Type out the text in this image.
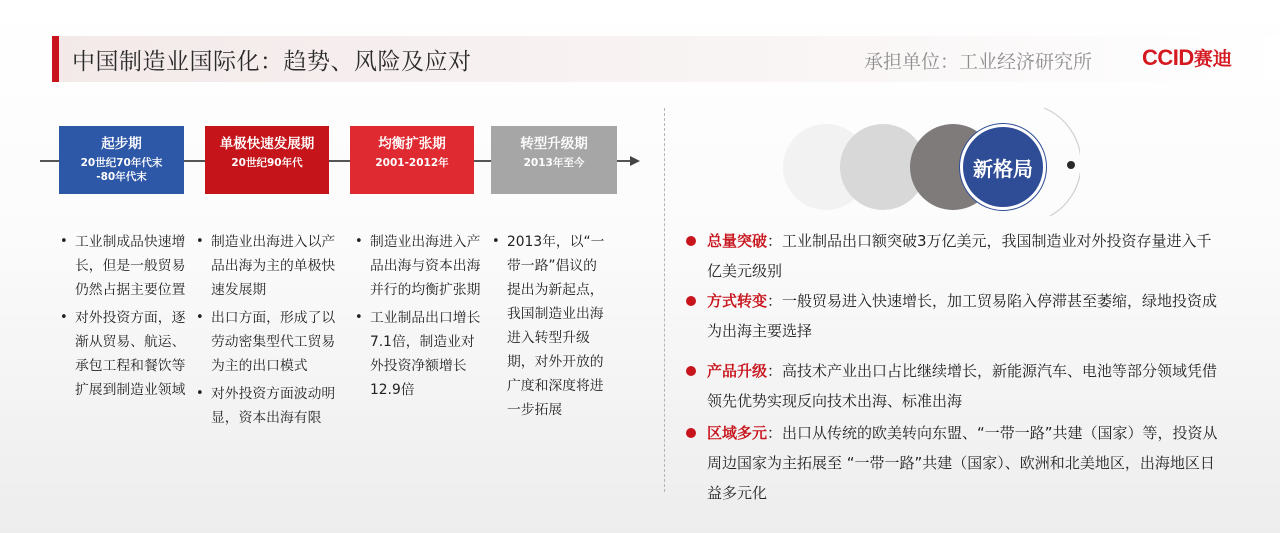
中国制造业国际化：趋势、风险及应对	承担单位：工业经济研究所 CCID赛迪
起步期
20世纪70年代末
-80年代末
单极快速发展期
20世纪90年代
均衡扩张期
2001-2012年
转型升级期
2013年至今
• 工业制成品快速增长，但是一般贸易仍然占据主要位置
• 对外投资方面，逐渐从贸易、航运、承包工程和餐饮等扩展到制造业领域
• 制造业出海进入以产品出海为主的单极快速发展期
• 出口方面，形成了以劳动密集型代工贸易为主的出口模式
• 对外投资方面波动明显，资本出海有限
• 制造业出海进入产品出海与资本出海并行的均衡扩张期
• 工业制品出口增长7.1倍，制造业对外投资净额增长12.9倍
• 2013年，以“一带一路”倡议的提出为新起点，我国制造业出海进入转型升级期，对外开放的广度和深度将进一步拓展
新格局
总量突破：工业制品出口额突破3万亿美元，我国制造业对外投资存量进入千亿美元级别
方式转变：一般贸易进入快速增长，加工贸易陷入停滞甚至萎缩，绿地投资成为出海主要选择
产品升级：高技术产业出口占比继续增长，新能源汽车、电池等部分领域凭借领先优势实现反向技术出海、标准出海
区域多元：出口从传统的欧美转向东盟、“一带一路”共建（国家）等，投资从周边国家为主拓展至 “一带一路”共建（国家）、欧洲和北美地区，出海地区日益多元化
